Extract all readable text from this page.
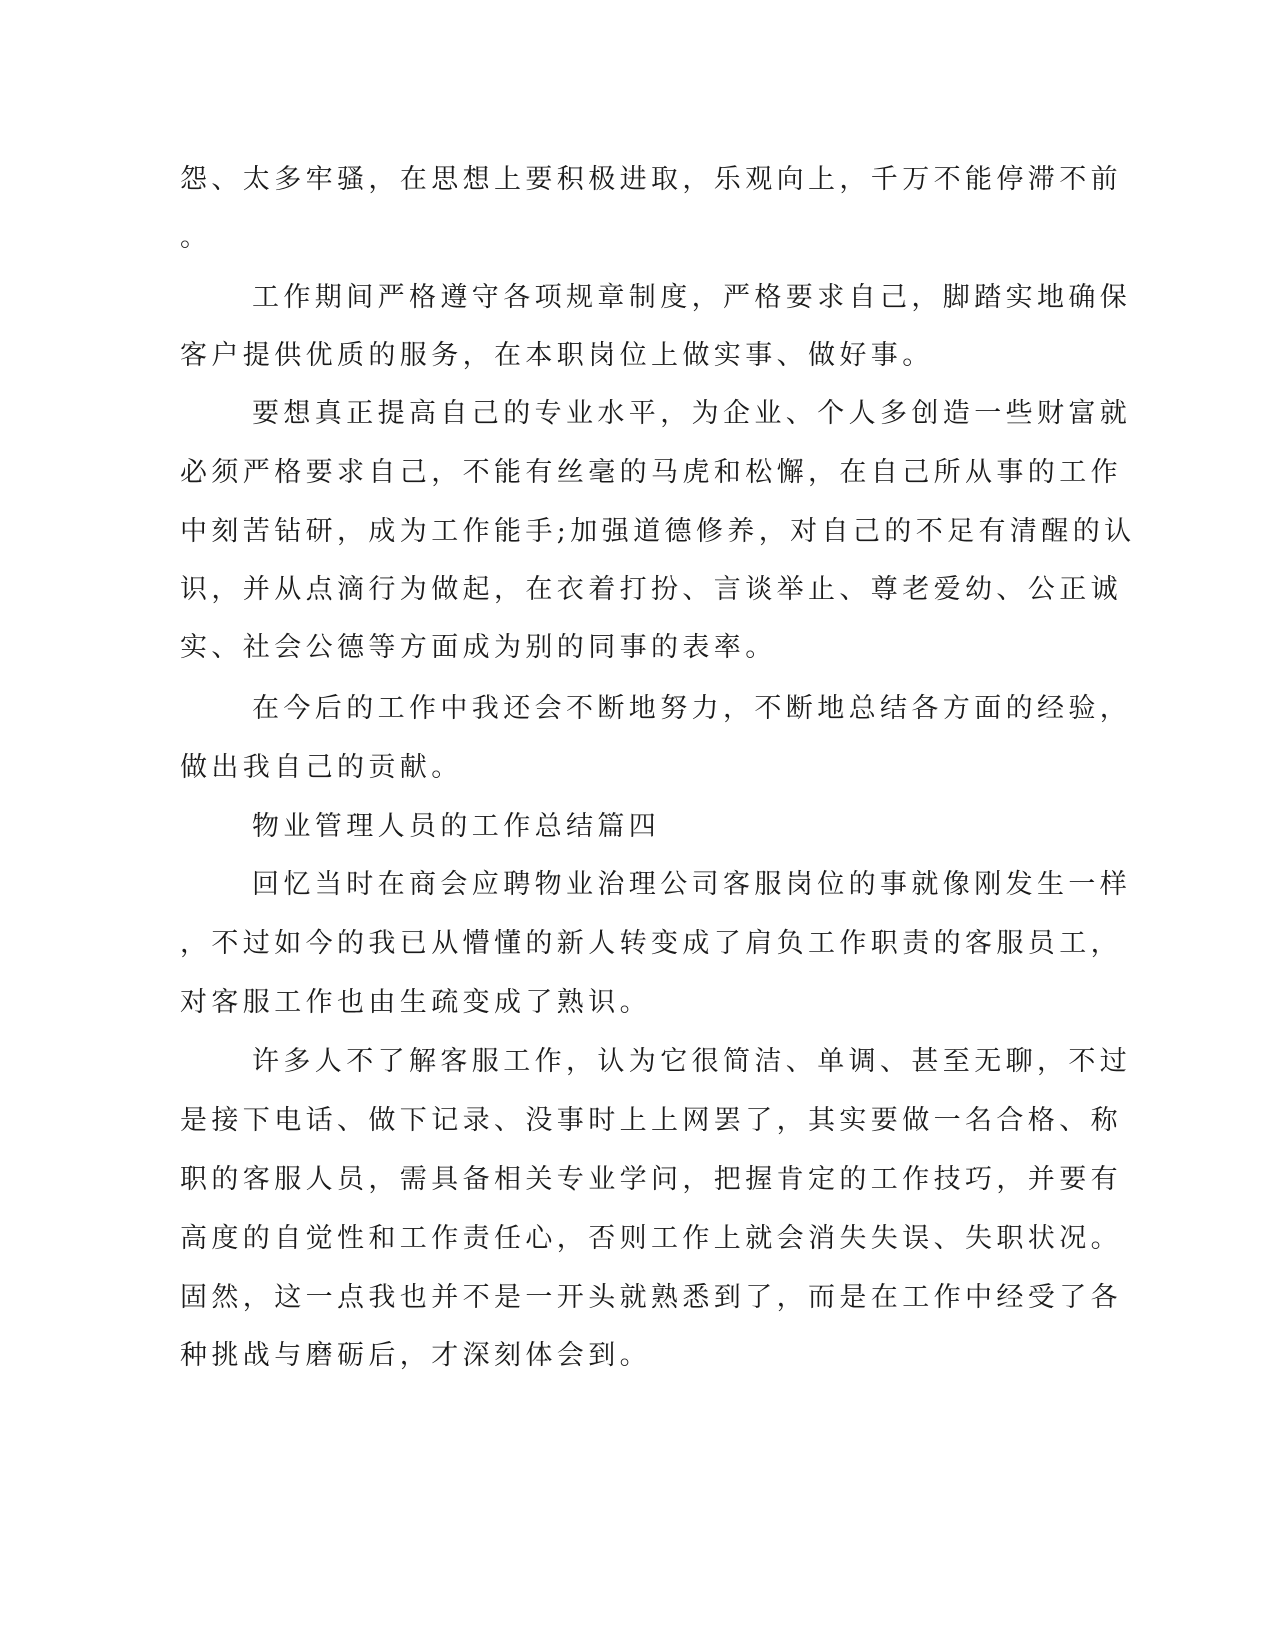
怨、太多牢骚，在思想上要积极进取，乐观向上，千万不能停滞不前
。
工作期间严格遵守各项规章制度，严格要求自己，脚踏实地确保
客户提供优质的服务，在本职岗位上做实事、做好事。
要想真正提高自己的专业水平，为企业、个人多创造一些财富就
必须严格要求自己，不能有丝毫的马虎和松懈，在自己所从事的工作
中刻苦钻研，成为工作能手;加强道德修养，对自己的不足有清醒的认
识，并从点滴行为做起，在衣着打扮、言谈举止、尊老爱幼、公正诚
实、社会公德等方面成为别的同事的表率。
在今后的工作中我还会不断地努力，不断地总结各方面的经验，
做出我自己的贡献。
物业管理人员的工作总结篇四
回忆当时在商会应聘物业治理公司客服岗位的事就像刚发生一样
，不过如今的我已从懵懂的新人转变成了肩负工作职责的客服员工，
对客服工作也由生疏变成了熟识。
许多人不了解客服工作，认为它很简洁、单调、甚至无聊，不过
是接下电话、做下记录、没事时上上网罢了，其实要做一名合格、称
职的客服人员，需具备相关专业学问，把握肯定的工作技巧，并要有
高度的自觉性和工作责任心，否则工作上就会消失失误、失职状况。
固然，这一点我也并不是一开头就熟悉到了，而是在工作中经受了各
种挑战与磨砺后，才深刻体会到。
